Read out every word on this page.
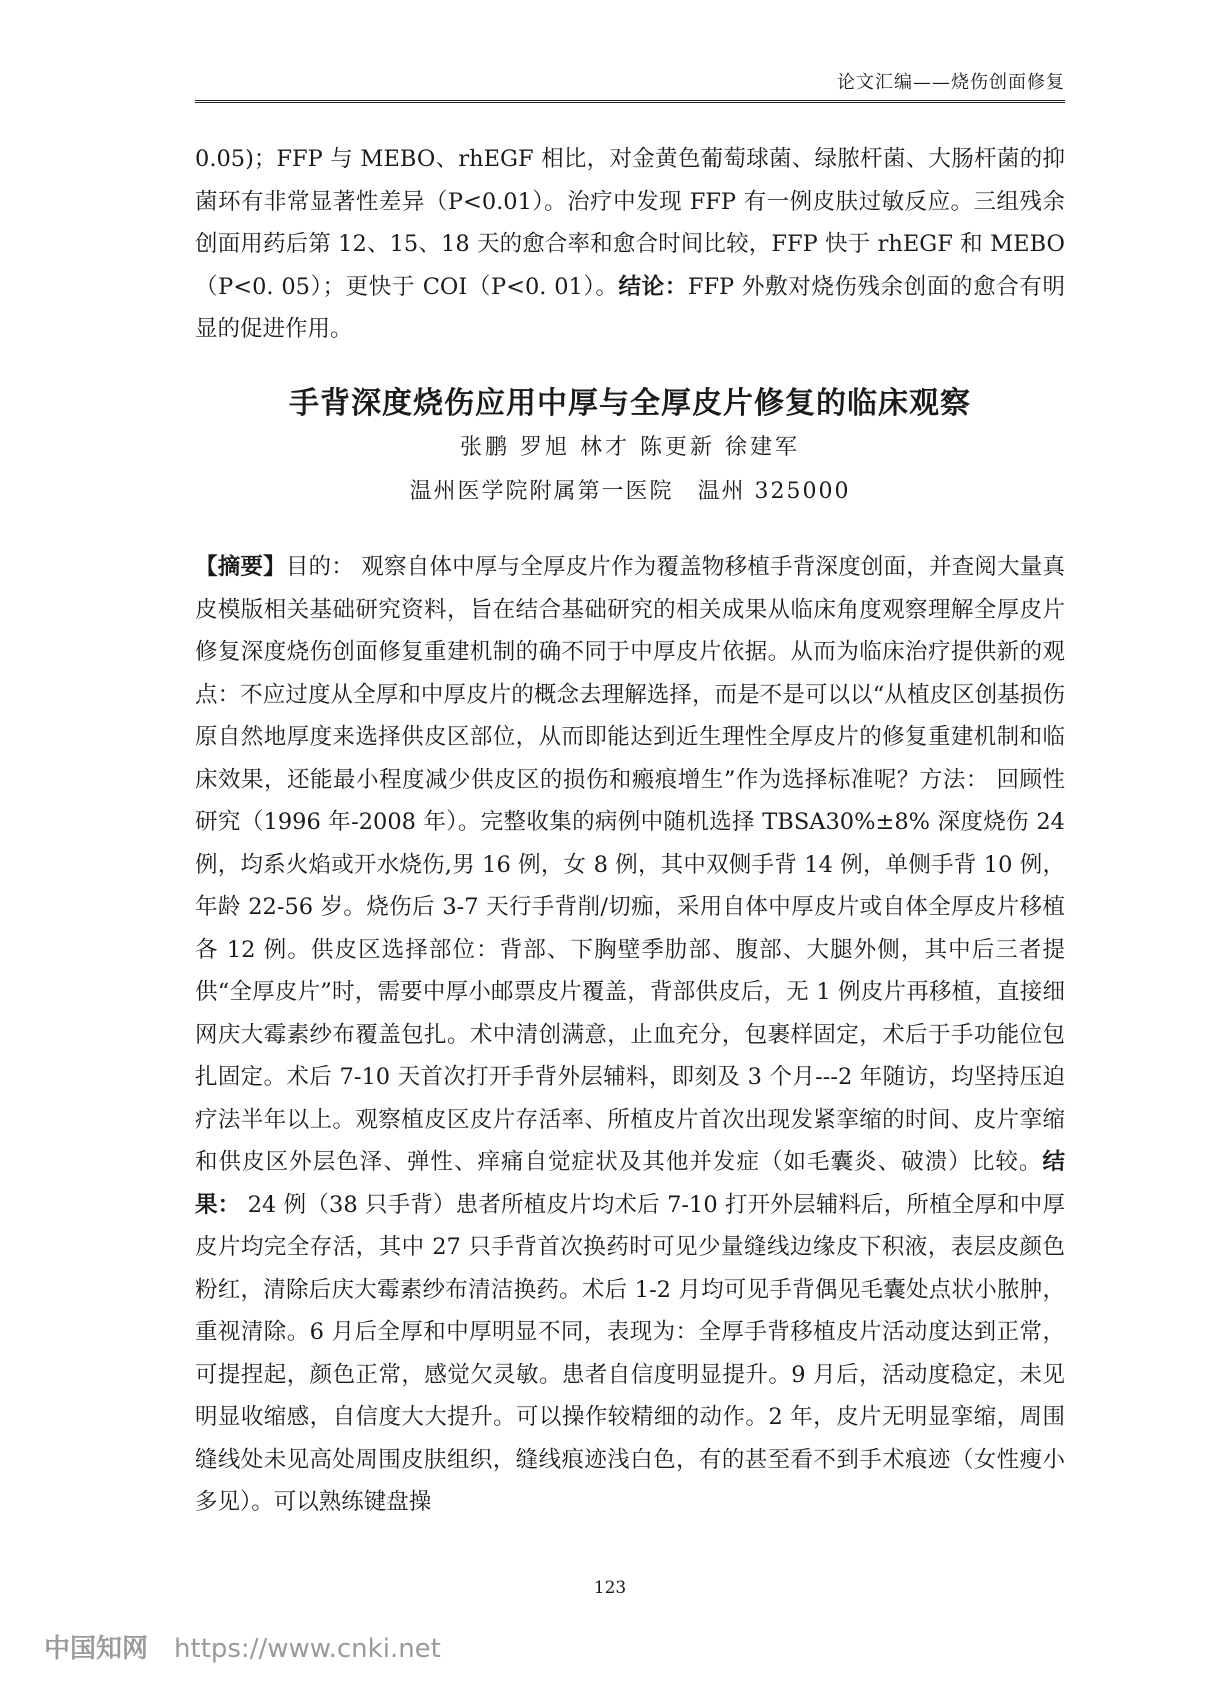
论文汇编——烧伤创面修复

0.05)；FFP 与 MEBO、rhEGF 相比，对金黄色葡萄球菌、绿脓杆菌、大肠杆菌的抑菌环有非常显著性差异（P<0.01）。治疗中发现 FFP 有一例皮肤过敏反应。三组残余创面用药后第 12、15、18 天的愈合率和愈合时间比较，FFP 快于 rhEGF 和 MEBO（P<0. 05）；更快于 COI（P<0. 01）。结论：FFP 外敷对烧伤残余创面的愈合有明显的促进作用。

手背深度烧伤应用中厚与全厚皮片修复的临床观察
张鹏 罗旭 林才 陈更新 徐建军
温州医学院附属第一医院　温州 325000

【摘要】目的： 观察自体中厚与全厚皮片作为覆盖物移植手背深度创面，并查阅大量真皮模版相关基础研究资料，旨在结合基础研究的相关成果从临床角度观察理解全厚皮片修复深度烧伤创面修复重建机制的确不同于中厚皮片依据。从而为临床治疗提供新的观点：不应过度从全厚和中厚皮片的概念去理解选择，而是不是可以以“从植皮区创基损伤原自然地厚度来选择供皮区部位，从而即能达到近生理性全厚皮片的修复重建机制和临床效果，还能最小程度减少供皮区的损伤和瘢痕增生”作为选择标准呢？方法： 回顾性研究（1996 年-2008 年）。完整收集的病例中随机选择 TBSA30%±8% 深度烧伤 24 例，均系火焰或开水烧伤,男 16 例，女 8 例，其中双侧手背 14 例，单侧手背 10 例，年龄 22-56 岁。烧伤后 3-7 天行手背削/切痂，采用自体中厚皮片或自体全厚皮片移植各 12 例。供皮区选择部位：背部、下胸壁季肋部、腹部、大腿外侧，其中后三者提供“全厚皮片”时，需要中厚小邮票皮片覆盖，背部供皮后，无 1 例皮片再移植，直接细网庆大霉素纱布覆盖包扎。术中清创满意，止血充分，包裹样固定，术后于手功能位包扎固定。术后 7-10 天首次打开手背外层辅料，即刻及 3 个月---2 年随访，均坚持压迫疗法半年以上。观察植皮区皮片存活率、所植皮片首次出现发紧挛缩的时间、皮片挛缩和供皮区外层色泽、弹性、痒痛自觉症状及其他并发症（如毛囊炎、破溃）比较。结果： 24 例（38 只手背）患者所植皮片均术后 7-10 打开外层辅料后，所植全厚和中厚皮片均完全存活，其中 27 只手背首次换药时可见少量缝线边缘皮下积液，表层皮颜色粉红，清除后庆大霉素纱布清洁换药。术后 1-2 月均可见手背偶见毛囊处点状小脓肿，重视清除。6 月后全厚和中厚明显不同，表现为：全厚手背移植皮片活动度达到正常，可提捏起，颜色正常，感觉欠灵敏。患者自信度明显提升。9 月后，活动度稳定，未见明显收缩感，自信度大大提升。可以操作较精细的动作。2 年，皮片无明显挛缩，周围缝线处未见高处周围皮肤组织，缝线痕迹浅白色，有的甚至看不到手术痕迹（女性瘦小多见）。可以熟练键盘操

123
中国知网 https://www.cnki.net
